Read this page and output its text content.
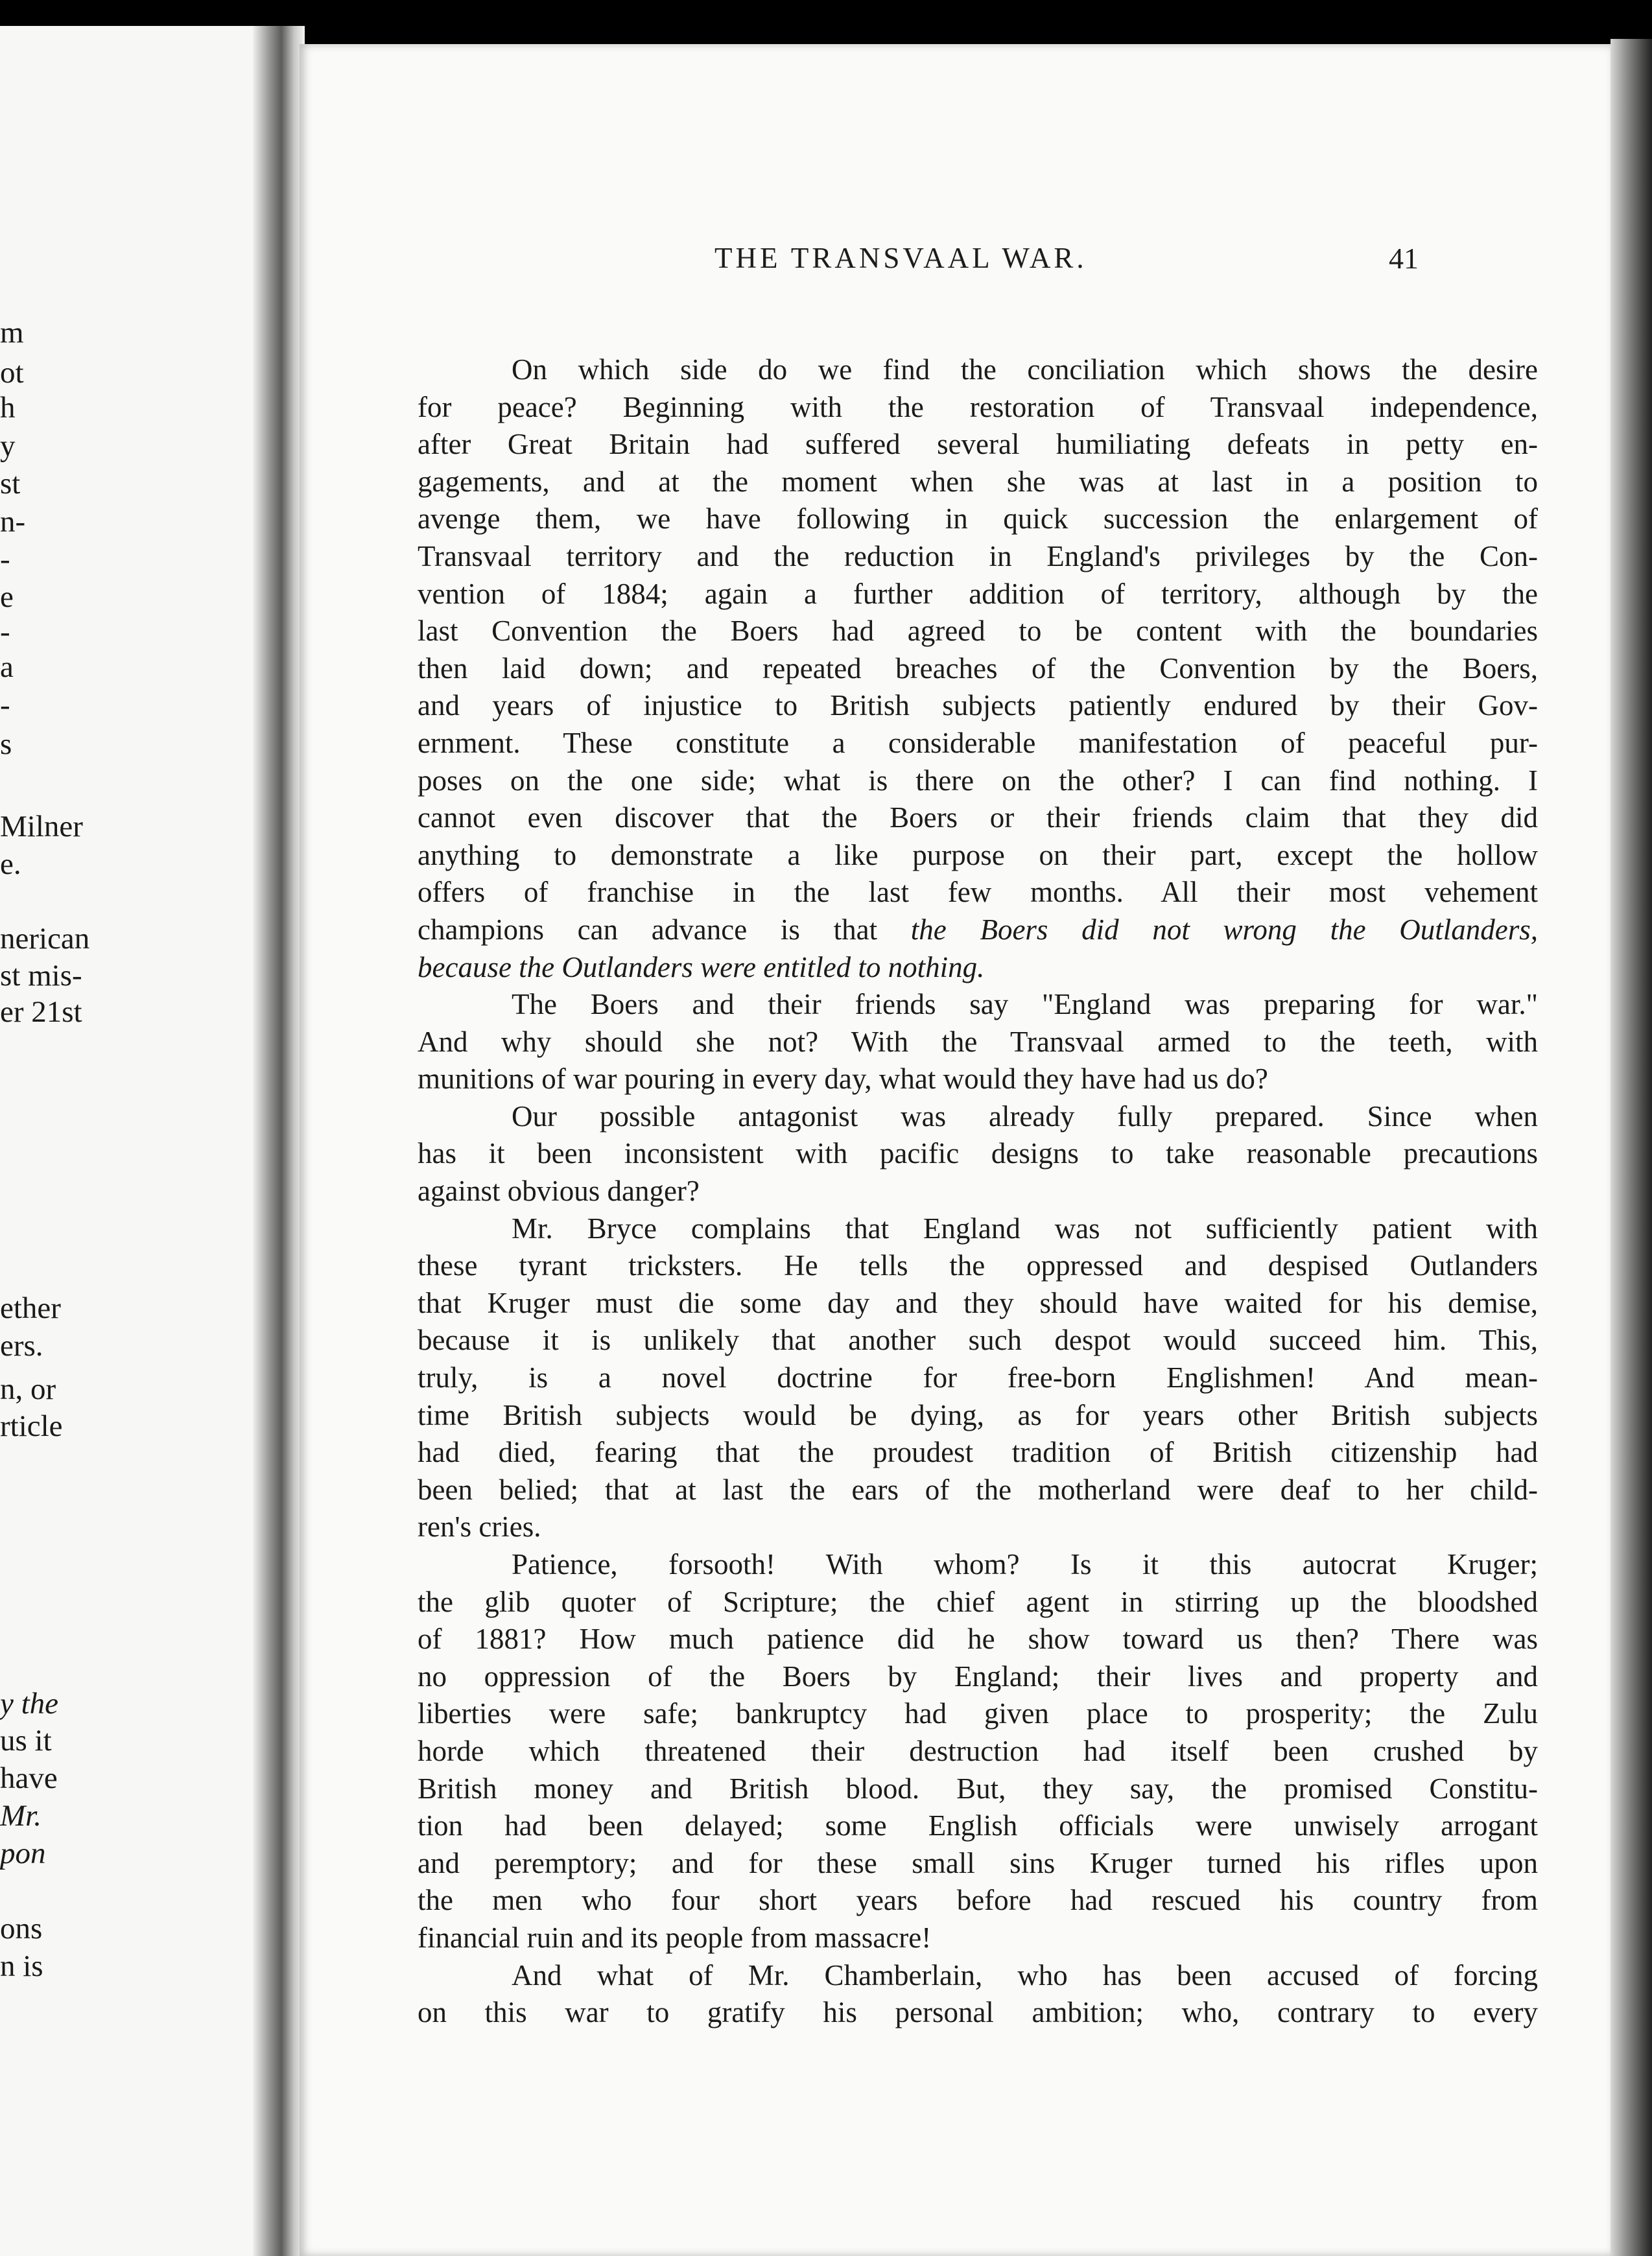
m
ot
h
y
st
n-
-
e
-
a
-
s
Milner
e.
nerican
st mis-
er 21st
ether
ers.
n, or
rticle
y the
us it
have
Mr.
pon
ons
n is
THE TRANSVAAL WAR.	41
On which side do we find the conciliation which shows the desire
for peace? Beginning with the restoration of Transvaal independence,
after Great Britain had suffered several humiliating defeats in petty en-
gagements, and at the moment when she was at last in a position to
avenge them, we have following in quick succession the enlargement of
Transvaal territory and the reduction in England's privileges by the Con-
vention of 1884; again a further addition of territory, although by the
last Convention the Boers had agreed to be content with the boundaries
then laid down; and repeated breaches of the Convention by the Boers,
and years of injustice to British subjects patiently endured by their Gov-
ernment. These constitute a considerable manifestation of peaceful pur-
poses on the one side; what is there on the other? I can find nothing. I
cannot even discover that the Boers or their friends claim that they did
anything to demonstrate a like purpose on their part, except the hollow
offers of franchise in the last few months. All their most vehement
champions can advance is that the Boers did not wrong the Outlanders,
because the Outlanders were entitled to nothing.
The Boers and their friends say "England was preparing for war."
And why should she not? With the Transvaal armed to the teeth, with
munitions of war pouring in every day, what would they have had us do?
Our possible antagonist was already fully prepared. Since when
has it been inconsistent with pacific designs to take reasonable precautions
against obvious danger?
Mr. Bryce complains that England was not sufficiently patient with
these tyrant tricksters. He tells the oppressed and despised Outlanders
that Kruger must die some day and they should have waited for his demise,
because it is unlikely that another such despot would succeed him. This,
truly, is a novel doctrine for free-born Englishmen! And mean-
time British subjects would be dying, as for years other British subjects
had died, fearing that the proudest tradition of British citizenship had
been belied; that at last the ears of the motherland were deaf to her child-
ren's cries.
Patience, forsooth! With whom? Is it this autocrat Kruger;
the glib quoter of Scripture; the chief agent in stirring up the bloodshed
of 1881? How much patience did he show toward us then? There was
no oppression of the Boers by England; their lives and property and
liberties were safe; bankruptcy had given place to prosperity; the Zulu
horde which threatened their destruction had itself been crushed by
British money and British blood. But, they say, the promised Constitu-
tion had been delayed; some English officials were unwisely arrogant
and peremptory; and for these small sins Kruger turned his rifles upon
the men who four short years before had rescued his country from
financial ruin and its people from massacre!
And what of Mr. Chamberlain, who has been accused of forcing
on this war to gratify his personal ambition; who, contrary to every
